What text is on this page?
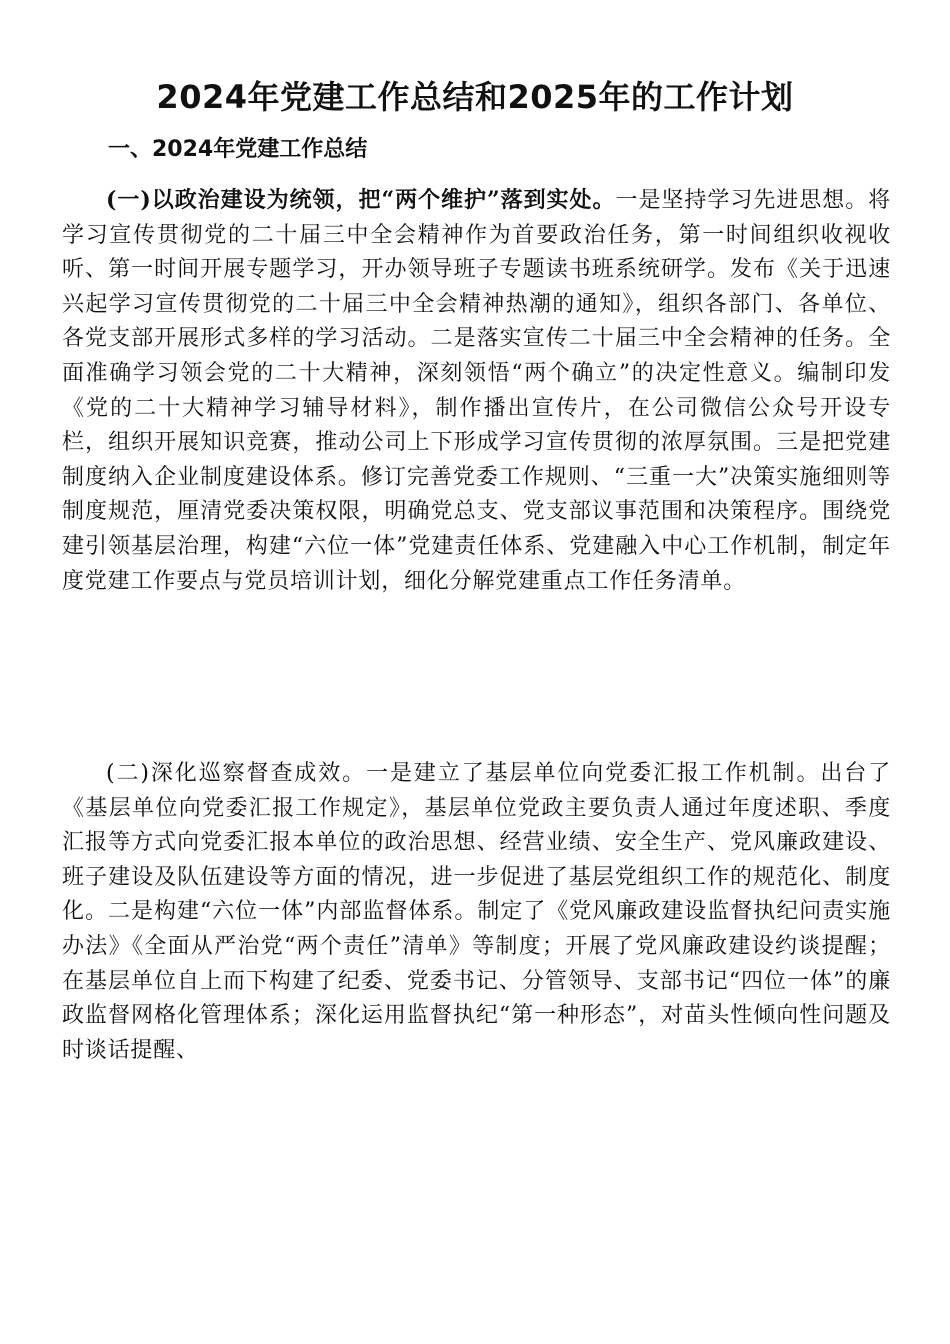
2024年党建工作总结和2025年的工作计划
一、2024年党建工作总结

(一)以政治建设为统领，把“两个维护”落到实处。一是坚持学习先进思想。将学习宣传贯彻党的二十届三中全会精神作为首要政治任务，第一时间组织收视收听、第一时间开展专题学习，开办领导班子专题读书班系统研学。发布《关于迅速兴起学习宣传贯彻党的二十届三中全会精神热潮的通知》，组织各部门、各单位、各党支部开展形式多样的学习活动。二是落实宣传二十届三中全会精神的任务。全面准确学习领会党的二十大精神，深刻领悟“两个确立”的决定性意义。编制印发《党的二十大精神学习辅导材料》，制作播出宣传片，在公司微信公众号开设专栏，组织开展知识竞赛，推动公司上下形成学习宣传贯彻的浓厚氛围。三是把党建制度纳入企业制度建设体系。修订完善党委工作规则、“三重一大”决策实施细则等制度规范，厘清党委决策权限，明确党总支、党支部议事范围和决策程序。围绕党建引领基层治理，构建“六位一体”党建责任体系、党建融入中心工作机制，制定年度党建工作要点与党员培训计划，细化分解党建重点工作任务清单。

(二)深化巡察督查成效。一是建立了基层单位向党委汇报工作机制。出台了《基层单位向党委汇报工作规定》，基层单位党政主要负责人通过年度述职、季度汇报等方式向党委汇报本单位的政治思想、经营业绩、安全生产、党风廉政建设、班子建设及队伍建设等方面的情况，进一步促进了基层党组织工作的规范化、制度化。二是构建“六位一体”内部监督体系。制定了《党风廉政建设监督执纪问责实施办法》《全面从严治党“两个责任”清单》等制度；开展了党风廉政建设约谈提醒；在基层单位自上而下构建了纪委、党委书记、分管领导、支部书记“四位一体”的廉政监督网格化管理体系；深化运用监督执纪“第一种形态”，对苗头性倾向性问题及时谈话提醒、
